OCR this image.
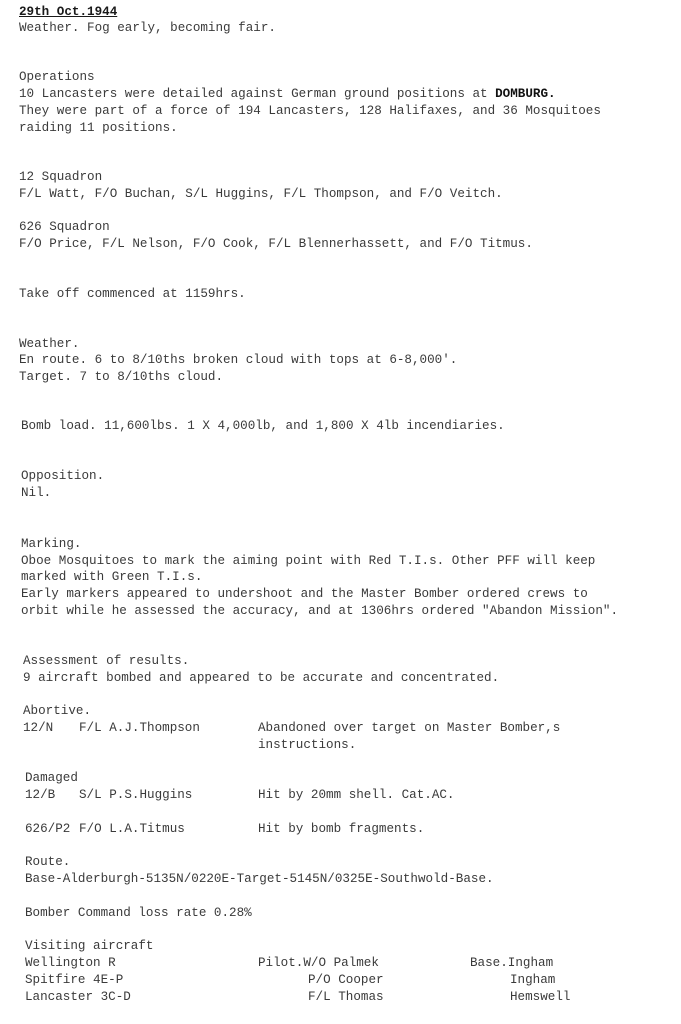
29th Oct.1944
Weather. Fog early, becoming fair.
Operations
10 Lancasters were detailed against German ground positions at DOMBURG.
They were part of a force of 194 Lancasters, 128 Halifaxes, and 36 Mosquitoes
raiding 11 positions.
12 Squadron
F/L Watt, F/O Buchan, S/L Huggins, F/L Thompson, and F/O Veitch.
626 Squadron
F/O Price, F/L Nelson, F/O Cook, F/L Blennerhassett, and F/O Titmus.
Take off commenced at 1159hrs.
Weather.
En route. 6 to 8/10ths broken cloud with tops at 6-8,000'.
Target. 7 to 8/10ths cloud.
Bomb load. 11,600lbs. 1 X 4,000lb, and 1,800 X 4lb incendiaries.
Opposition.
Nil.
Marking.
Oboe Mosquitoes to mark the aiming point with Red T.I.s. Other PFF will keep
marked with Green T.I.s.
Early markers appeared to undershoot and the Master Bomber ordered crews to
orbit while he assessed the accuracy, and at 1306hrs ordered "Abandon Mission".
Assessment of results.
9 aircraft bombed and appeared to be accurate and concentrated.
Abortive.
12/N F/L A.J.Thompson	Abandoned over target on Master Bomber,s
instructions.
Damaged
12/B S/L P.S.Huggins	Hit by 20mm shell. Cat.AC.
626/P2 F/O L.A.Titmus	Hit by bomb fragments.
Route.
Base-Alderburgh-5135N/0220E-Target-5145N/0325E-Southwold-Base.
Bomber Command loss rate 0.28%
Visiting aircraft
Wellington R	Pilot.W/O Palmek	Base.Ingham
Spitfire 4E-P	P/O Cooper	Ingham
Lancaster 3C-D	F/L Thomas	Hemswell
